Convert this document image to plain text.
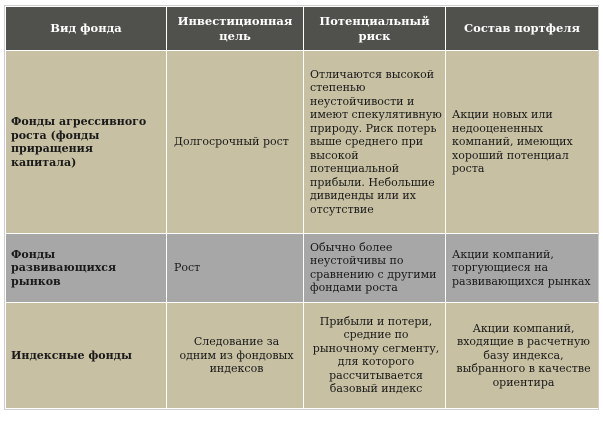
Вид фонда	Инвестиционная цель	Потенциальный риск	Состав портфеля
Фонды агрессивного роста (фонды приращения капитала)	Долгосрочный рост	Отличаются высокой степенью неустойчивости и имеют спекулятивную природу. Риск потерь выше среднего при высокой потенциальной прибыли. Небольшие дивиденды или их отсутствие	Акции новых или недооцененных компаний, имеющих хороший потенциал роста
Фонды развивающихся рынков	Рост	Обычно более неустойчивы по сравнению с другими фондами роста	Акции компаний, торгующиеся на развивающихся рынках
Индексные фонды	Следование за одним из фондовых индексов	Прибыли и потери, средние по рыночному сегменту, для которого рассчитывается базовый индекс	Акции компаний, входящие в расчетную базу индекса, выбранного в качестве ориентира
